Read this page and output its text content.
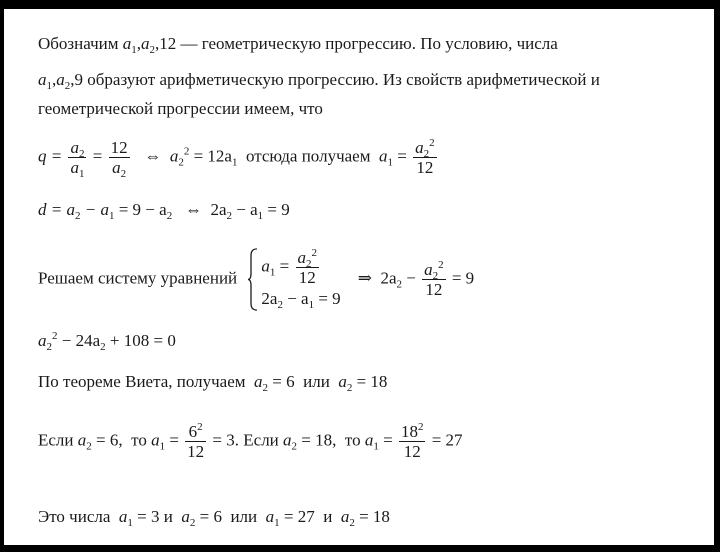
Обозначим $a_1,a_2,12$ — геометрическую прогрессию. По условию, числа
$a_1,a_2,9$ образуют арифметическую прогрессию. Из свойств арифметической и
геометрической прогрессии имеем, что
$q = \frac{a_2}{a_1} = \frac{12}{a_2}$ ⇔ $a_2^2 = 12a_1$ отсюда получаем $a_1 = \frac{a_2^2}{12}$
$d = a_2 - a_1 = 9 - a_2$ ⇔ $2a_2 - a_1 = 9$
Решаем систему уравнений
$a_1 = \frac{a_2^2}{12}$
$2a_2 - a_1 = 9$
⇒ $2a_2 - \frac{a_2^2}{12} = 9$
$a_2^2 - 24a_2 + 108 = 0$
По теореме Виета, получаем $a_2 = 6$ или $a_2 = 18$
Если $a_2 = 6$, то $a_1 = \frac{6^2}{12} = 3$. Если $a_2 = 18$, то $a_1 = \frac{18^2}{12} = 27$
Это числа $a_1 = 3$ и $a_2 = 6$ или $a_1 = 27$ и $a_2 = 18$
